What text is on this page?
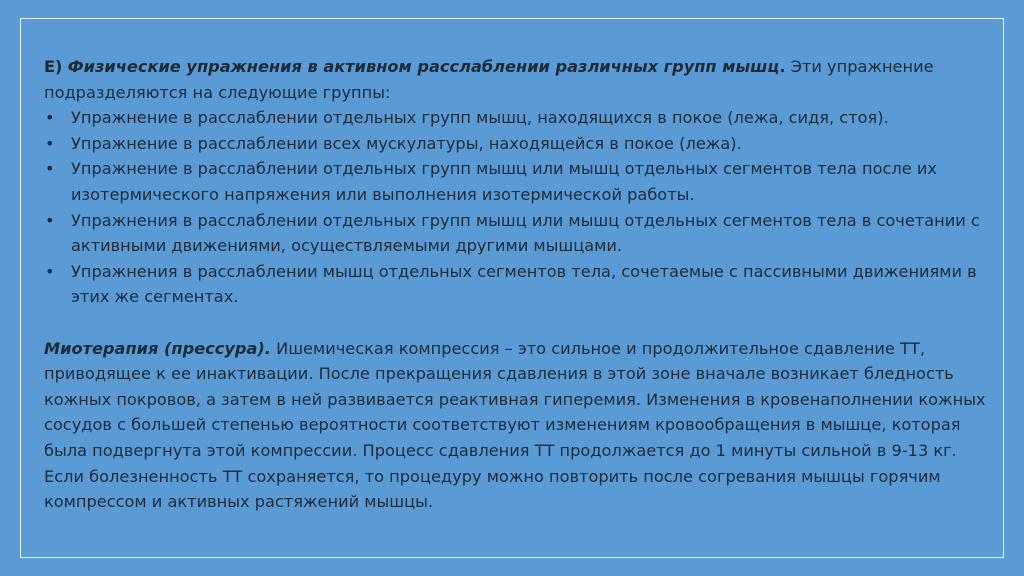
Е) Физические упражнения в активном расслаблении различных групп мышц. Эти упражнение подразделяются на следующие группы:

• Упражнение в расслаблении отдельных групп мышц, находящихся в покое (лежа, сидя, стоя).
• Упражнение в расслаблении всех мускулатуры, находящейся в покое (лежа).
• Упражнение в расслаблении отдельных групп мышц или мышц отдельных сегментов тела после их изотермического напряжения или выполнения изотермической работы.
• Упражнения в расслаблении отдельных групп мышц или мышц отдельных сегментов тела в сочетании с активными движениями, осуществляемыми другими мышцами.
• Упражнения в расслаблении мышц отдельных сегментов тела, сочетаемые с пассивными движениями в этих же сегментах.

Миотерапия (прессура). Ишемическая компрессия – это сильное и продолжительное сдавление ТТ, приводящее к ее инактивации. После прекращения сдавления в этой зоне вначале возникает бледность кожных покровов, а затем в ней развивается реактивная гиперемия. Изменения в кровенаполнении кожных сосудов с большей степенью вероятности соответствуют изменениям кровообращения в мышце, которая была подвергнута этой компрессии. Процесс сдавления ТТ продолжается до 1 минуты сильной в 9-13 кг. Если болезненность ТТ сохраняется, то процедуру можно повторить после согревания мышцы горячим компрессом и активных растяжений мышцы.
